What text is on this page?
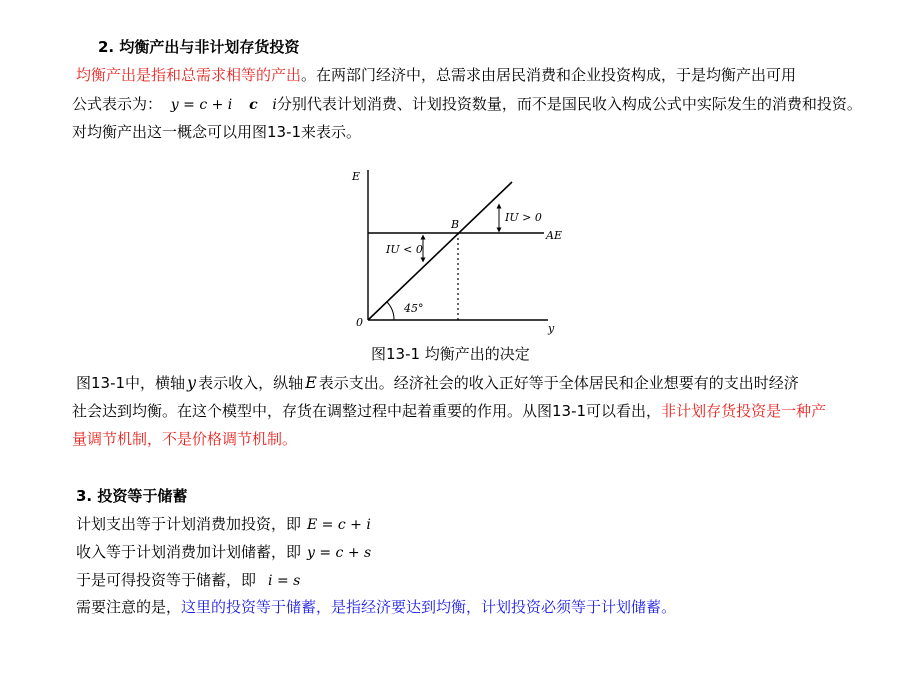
2. 均衡产出与非计划存货投资
均衡产出是指和总需求相等的产出。在两部门经济中，总需求由居民消费和企业投资构成，于是均衡产出可用
公式表示为： y = c + i c i分别代表计划消费、计划投资数量，而不是国民收入构成公式中实际发生的消费和投资。
对均衡产出这一概念可以用图13-1来表示。
E
AE
B
0	y
IU > 0
IU < 0
45°
图13-1 均衡产出的决定
图13-1中，横轴 y 表示收入，纵轴 E 表示支出。经济社会的收入正好等于全体居民和企业想要有的支出时经济
社会达到均衡。在这个模型中，存货在调整过程中起着重要的作用。从图13-1可以看出，非计划存货投资是一种产
量调节机制，不是价格调节机制。
3. 投资等于储蓄
计划支出等于计划消费加投资，即 E = c + i
收入等于计划消费加计划储蓄，即 y = c + s
于是可得投资等于储蓄，即 i = s
需要注意的是，这里的投资等于储蓄，是指经济要达到均衡，计划投资必须等于计划储蓄。
